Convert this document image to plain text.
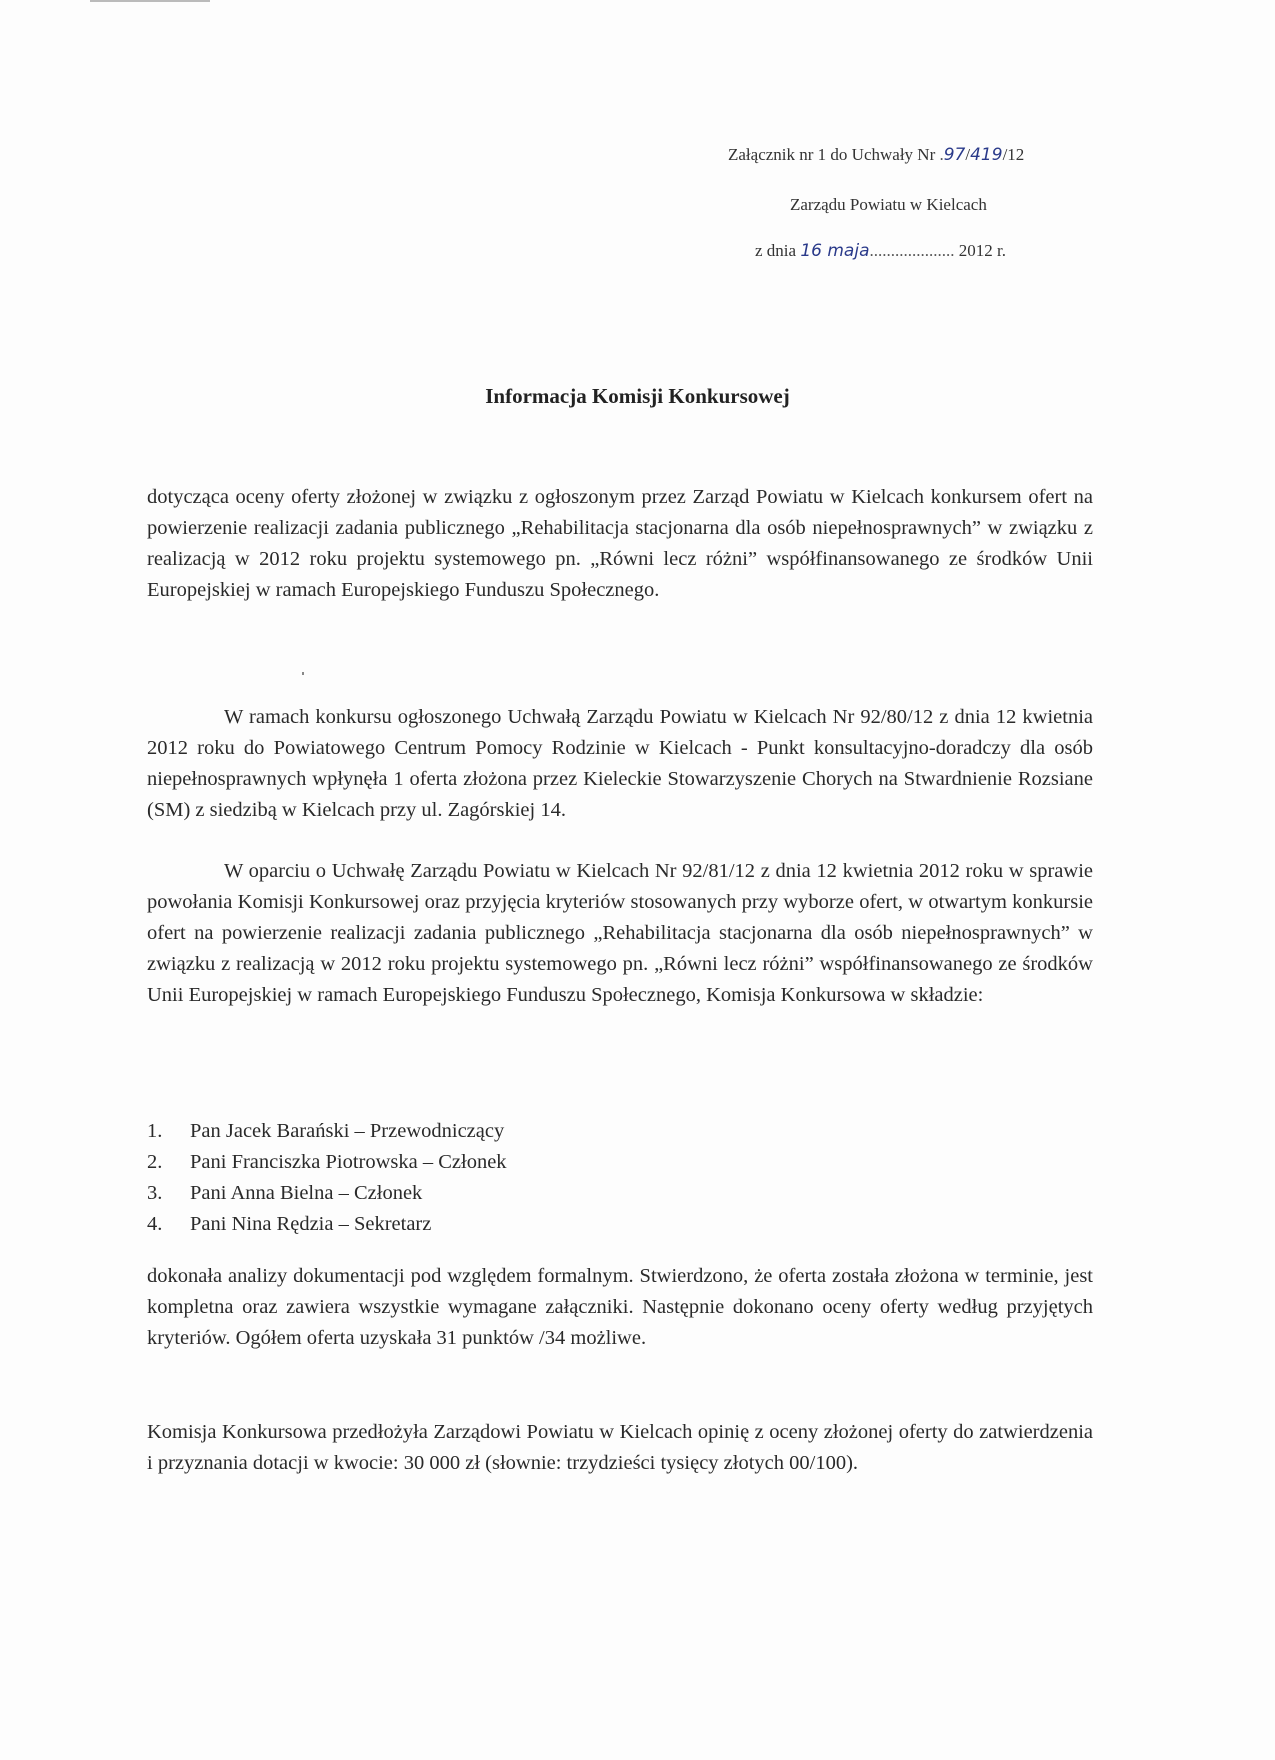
Załącznik nr 1 do Uchwały Nr .97/419/12
Zarządu Powiatu w Kielcach
z dnia 16 maja.................... 2012 r.
Informacja Komisji Konkursowej
dotycząca oceny oferty złożonej w związku z ogłoszonym przez Zarząd Powiatu w Kielcach konkursem ofert na powierzenie realizacji zadania publicznego „Rehabilitacja stacjonarna dla osób niepełnosprawnych” w związku z realizacją w 2012 roku projektu systemowego pn. „Równi lecz różni” współfinansowanego ze środków Unii Europejskiej w ramach Europejskiego Funduszu Społecznego.
W ramach konkursu ogłoszonego Uchwałą Zarządu Powiatu w Kielcach Nr 92/80/12 z dnia 12 kwietnia 2012 roku do Powiatowego Centrum Pomocy Rodzinie w Kielcach - Punkt konsultacyjno-doradczy dla osób niepełnosprawnych wpłynęła 1 oferta złożona przez Kieleckie Stowarzyszenie Chorych na Stwardnienie Rozsiane (SM) z siedzibą w Kielcach przy ul. Zagórskiej 14.
W oparciu o Uchwałę Zarządu Powiatu w Kielcach Nr 92/81/12 z dnia 12 kwietnia 2012 roku w sprawie powołania Komisji Konkursowej oraz przyjęcia kryteriów stosowanych przy wyborze ofert, w otwartym konkursie ofert na powierzenie realizacji zadania publicznego „Rehabilitacja stacjonarna dla osób niepełnosprawnych” w związku z realizacją w 2012 roku projektu systemowego pn. „Równi lecz różni” współfinansowanego ze środków Unii Europejskiej w ramach Europejskiego Funduszu Społecznego, Komisja Konkursowa w składzie:
1.	Pan Jacek Barański – Przewodniczący
2.	Pani Franciszka Piotrowska – Członek
3.	Pani Anna Bielna – Członek
4.	Pani Nina Rędzia – Sekretarz
dokonała analizy dokumentacji pod względem formalnym. Stwierdzono, że oferta została złożona w terminie, jest kompletna oraz zawiera wszystkie wymagane załączniki. Następnie dokonano oceny oferty według przyjętych kryteriów. Ogółem oferta uzyskała 31 punktów /34 możliwe.
Komisja Konkursowa przedłożyła Zarządowi Powiatu w Kielcach opinię z oceny złożonej oferty do zatwierdzenia i przyznania dotacji w kwocie: 30 000 zł (słownie: trzydzieści tysięcy złotych 00/100).
